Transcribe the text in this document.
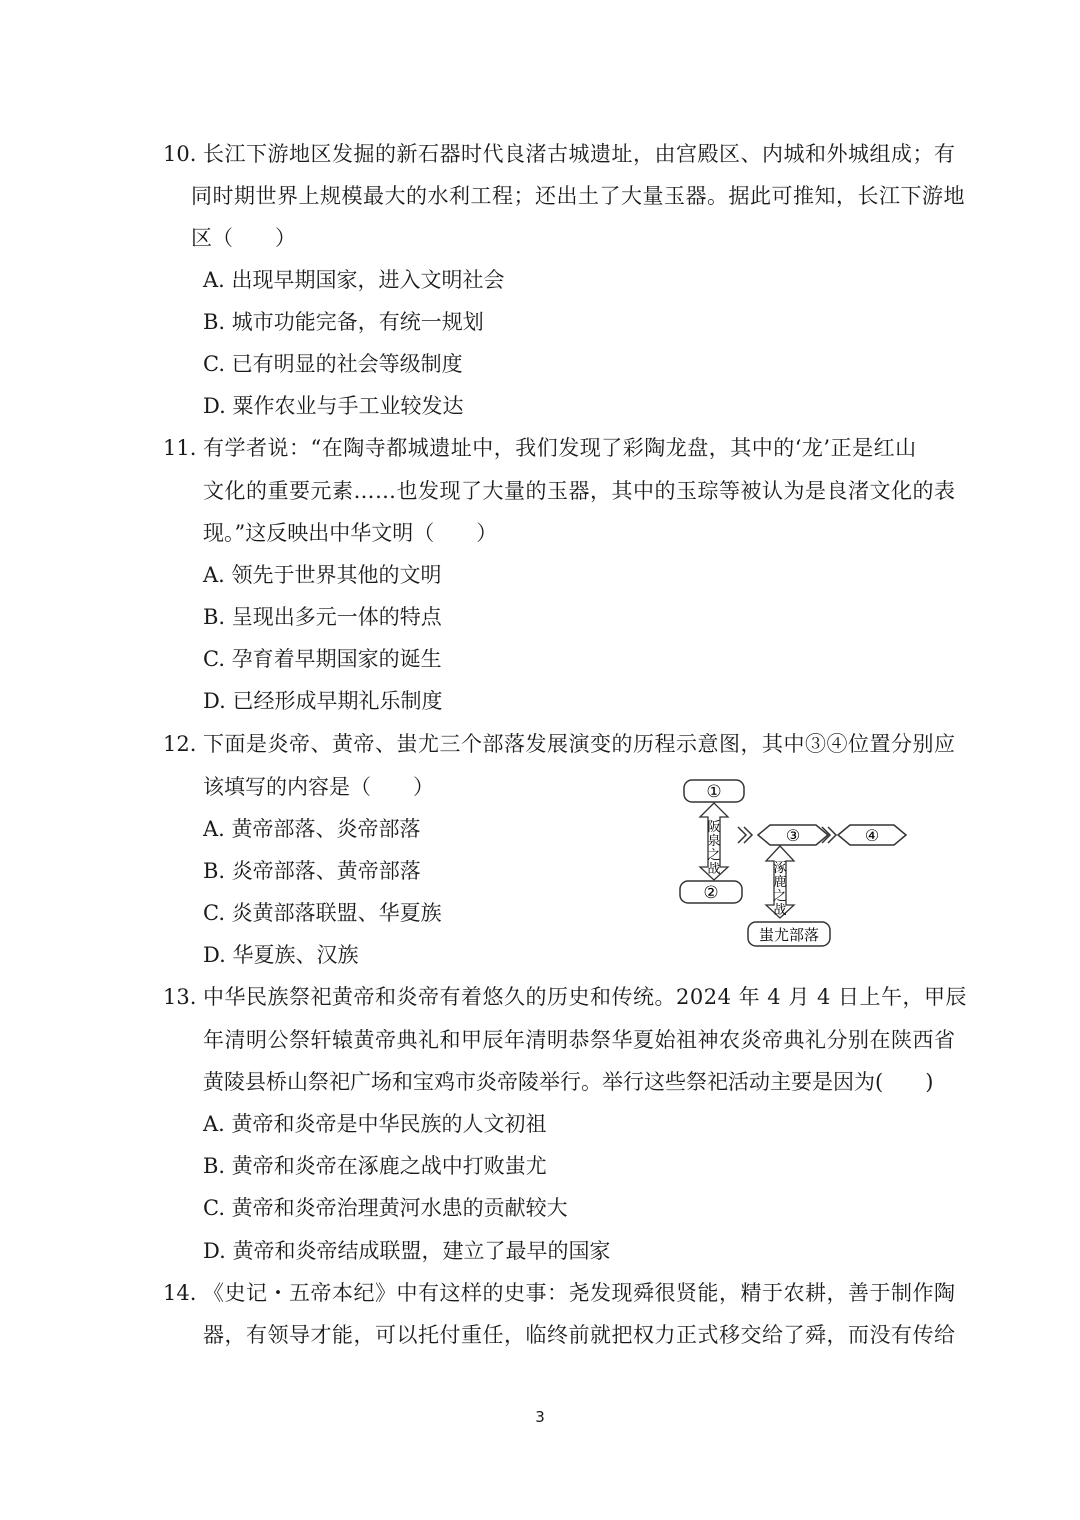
10. 长江下游地区发掘的新石器时代良渚古城遗址，由宫殿区、内城和外城组成；有
同时期世界上规模最大的水利工程；还出土了大量玉器。据此可推知，长江下游地
区（　　）
A. 出现早期国家，进入文明社会
B. 城市功能完备，有统一规划
C. 已有明显的社会等级制度
D. 粟作农业与手工业较发达
11. 有学者说：“在陶寺都城遗址中，我们发现了彩陶龙盘，其中的‘龙’正是红山
文化的重要元素……也发现了大量的玉器，其中的玉琮等被认为是良渚文化的表
现。”这反映出中华文明（　　）
A. 领先于世界其他的文明
B. 呈现出多元一体的特点
C. 孕育着早期国家的诞生
D. 已经形成早期礼乐制度
12. 下面是炎帝、黄帝、蚩尤三个部落发展演变的历程示意图，其中③④位置分别应
该填写的内容是（　　）
A. 黄帝部落、炎帝部落
B. 炎帝部落、黄帝部落
C. 炎黄部落联盟、华夏族
D. 华夏族、汉族
①
②
阪
泉
之
战
③	④
涿
鹿
之
战
蚩尤部落
13. 中华民族祭祀黄帝和炎帝有着悠久的历史和传统。2024 年 4 月 4 日上午，甲辰
年清明公祭轩辕黄帝典礼和甲辰年清明恭祭华夏始祖神农炎帝典礼分别在陕西省
黄陵县桥山祭祀广场和宝鸡市炎帝陵举行。举行这些祭祀活动主要是因为(　　)
A. 黄帝和炎帝是中华民族的人文初祖
B. 黄帝和炎帝在涿鹿之战中打败蚩尤
C. 黄帝和炎帝治理黄河水患的贡献较大
D. 黄帝和炎帝结成联盟，建立了最早的国家
14. 《史记・五帝本纪》中有这样的史事：尧发现舜很贤能，精于农耕，善于制作陶
器，有领导才能，可以托付重任，临终前就把权力正式移交给了舜，而没有传给
3
